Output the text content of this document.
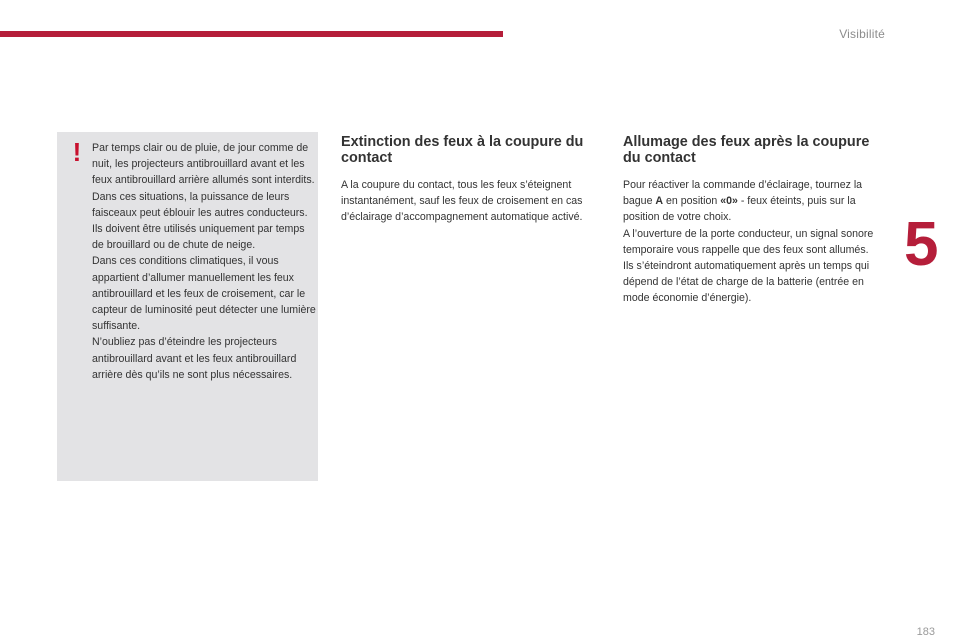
Visibilité
5
! Par temps clair ou de pluie, de jour comme de nuit, les projecteurs antibrouillard avant et les feux antibrouillard arrière allumés sont interdits. Dans ces situations, la puissance de leurs faisceaux peut éblouir les autres conducteurs. Ils doivent être utilisés uniquement par temps de brouillard ou de chute de neige.

Dans ces conditions climatiques, il vous appartient d’allumer manuellement les feux antibrouillard et les feux de croisement, car le capteur de luminosité peut détecter une lumière suffisante.

N’oubliez pas d’éteindre les projecteurs antibrouillard avant et les feux antibrouillard arrière dès qu’ils ne sont plus nécessaires.

Extinction des feux à la coupure du contact

A la coupure du contact, tous les feux s’éteignent instantanément, sauf les feux de croisement en cas d’éclairage d’accompagnement automatique activé.

Allumage des feux après la coupure du contact

Pour réactiver la commande d’éclairage, tournez la bague A en position «0» - feux éteints, puis sur la position de votre choix.

A l’ouverture de la porte conducteur, un signal sonore temporaire vous rappelle que des feux sont allumés.

Ils s’éteindront automatiquement après un temps qui dépend de l’état de charge de la batterie (entrée en mode économie d’énergie).

183
